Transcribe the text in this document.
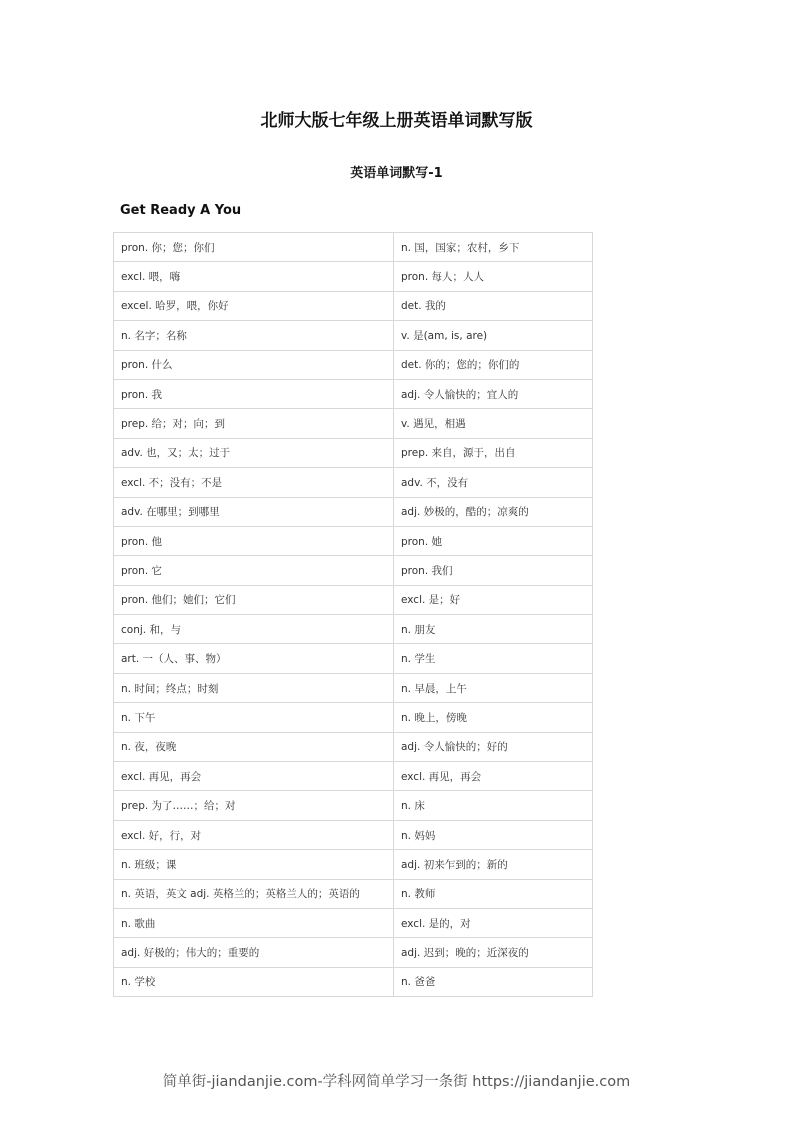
北师大版七年级上册英语单词默写版
英语单词默写-1
Get Ready A You
pron. 你；您；你们	n. 国，国家；农村，乡下
excl. 喂，嗨	pron. 每人；人人
excel. 哈罗，喂，你好	det. 我的
n. 名字；名称	v. 是(am, is, are)
pron. 什么	det. 你的；您的；你们的
pron. 我	adj. 令人愉快的；宜人的
prep. 给；对；向；到	v. 遇见，相遇
adv. 也，又；太；过于	prep. 来自，源于，出自
excl. 不；没有；不是	adv. 不，没有
adv. 在哪里；到哪里	adj. 妙极的，酷的；凉爽的
pron. 他	pron. 她
pron. 它	pron. 我们
pron. 他们；她们；它们	excl. 是；好
conj. 和，与	n. 朋友
art. 一（人、事、物）	n. 学生
n. 时间；终点；时刻	n. 早晨，上午
n. 下午	n. 晚上，傍晚
n. 夜，夜晚	adj. 令人愉快的；好的
excl. 再见，再会	excl. 再见，再会
prep. 为了……；给；对	n. 床
excl. 好，行，对	n. 妈妈
n. 班级；课	adj. 初来乍到的；新的
n. 英语，英文 adj. 英格兰的；英格兰人的；英语的	n. 教师
n. 歌曲	excl. 是的，对
adj. 好极的；伟大的；重要的	adj. 迟到；晚的；近深夜的
n. 学校	n. 爸爸
简单街-jiandanjie.com-学科网简单学习一条街 https://jiandanjie.com
